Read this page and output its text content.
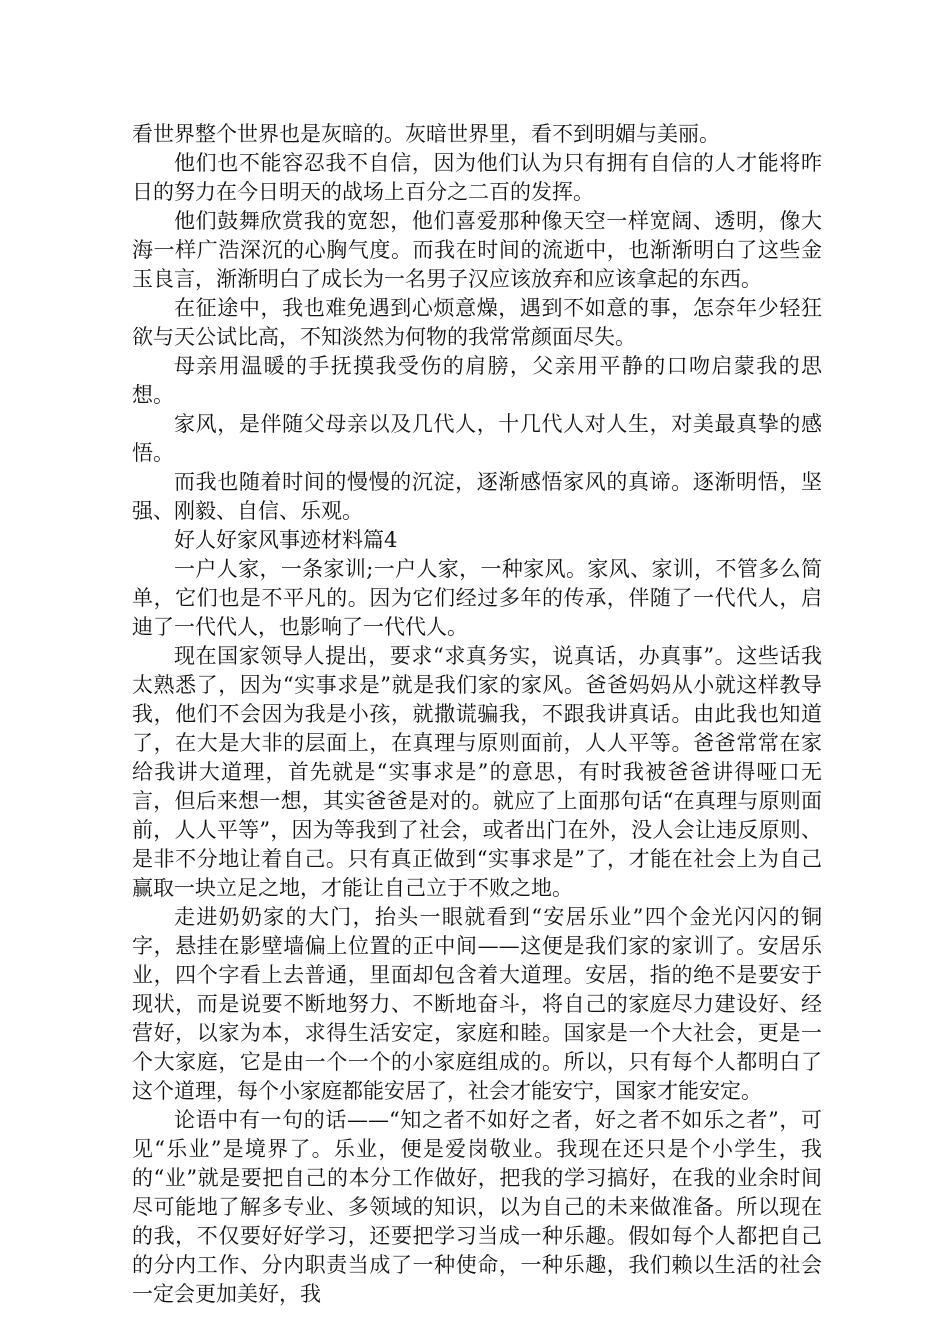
看世界整个世界也是灰暗的。灰暗世界里，看不到明媚与美丽。

他们也不能容忍我不自信，因为他们认为只有拥有自信的人才能将昨日的努力在今日明天的战场上百分之二百的发挥。

他们鼓舞欣赏我的宽恕，他们喜爱那种像天空一样宽阔、透明，像大海一样广浩深沉的心胸气度。而我在时间的流逝中，也渐渐明白了这些金玉良言，渐渐明白了成长为一名男子汉应该放弃和应该拿起的东西。

在征途中，我也难免遇到心烦意燥，遇到不如意的事，怎奈年少轻狂欲与天公试比高，不知淡然为何物的我常常颜面尽失。

母亲用温暖的手抚摸我受伤的肩膀，父亲用平静的口吻启蒙我的思想。

家风，是伴随父母亲以及几代人，十几代人对人生，对美最真挚的感悟。

而我也随着时间的慢慢的沉淀，逐渐感悟家风的真谛。逐渐明悟，坚强、刚毅、自信、乐观。

好人好家风事迹材料篇4

一户人家，一条家训;一户人家，一种家风。家风、家训，不管多么简单，它们也是不平凡的。因为它们经过多年的传承，伴随了一代代人，启迪了一代代人，也影响了一代代人。

现在国家领导人提出，要求“求真务实，说真话，办真事”。这些话我太熟悉了，因为“实事求是”就是我们家的家风。爸爸妈妈从小就这样教导我，他们不会因为我是小孩，就撒谎骗我，不跟我讲真话。由此我也知道了，在大是大非的层面上，在真理与原则面前，人人平等。爸爸常常在家给我讲大道理，首先就是“实事求是”的意思，有时我被爸爸讲得哑口无言，但后来想一想，其实爸爸是对的。就应了上面那句话“在真理与原则面前，人人平等”，因为等我到了社会，或者出门在外，没人会让违反原则、是非不分地让着自己。只有真正做到“实事求是”了，才能在社会上为自己赢取一块立足之地，才能让自己立于不败之地。

走进奶奶家的大门，抬头一眼就看到“安居乐业”四个金光闪闪的铜字，悬挂在影壁墙偏上位置的正中间——这便是我们家的家训了。安居乐业，四个字看上去普通，里面却包含着大道理。安居，指的绝不是要安于现状，而是说要不断地努力、不断地奋斗，将自己的家庭尽力建设好、经营好，以家为本，求得生活安定，家庭和睦。国家是一个大社会，更是一个大家庭，它是由一个一个的小家庭组成的。所以，只有每个人都明白了这个道理，每个小家庭都能安居了，社会才能安宁，国家才能安定。

论语中有一句的话——“知之者不如好之者，好之者不如乐之者”，可见“乐业”是境界了。乐业，便是爱岗敬业。我现在还只是个小学生，我的“业”就是要把自己的本分工作做好，把我的学习搞好，在我的业余时间尽可能地了解多专业、多领域的知识，以为自己的未来做准备。所以现在的我，不仅要好好学习，还要把学习当成一种乐趣。假如每个人都把自己的分内工作、分内职责当成了一种使命，一种乐趣，我们赖以生活的社会一定会更加美好，我
